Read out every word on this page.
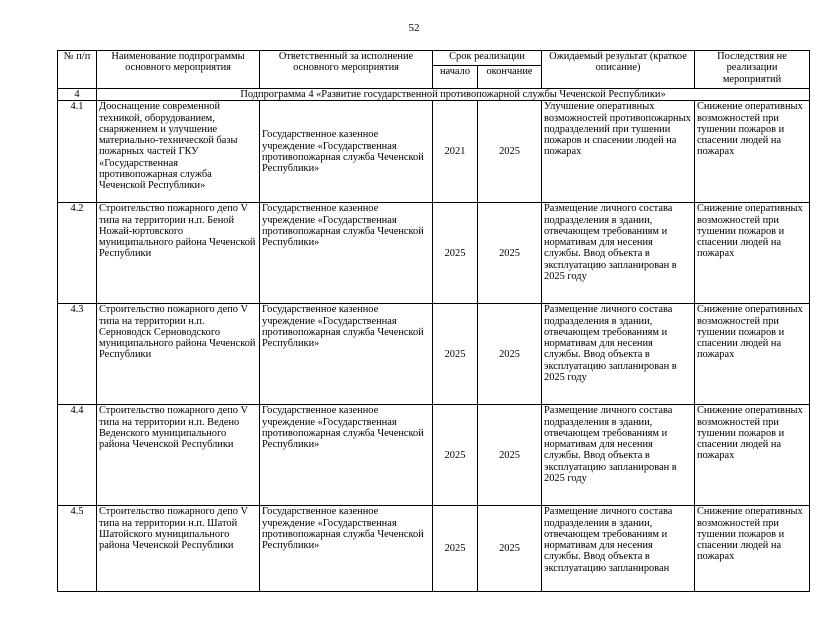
52
№ п/п	Наименование подпрограммы основного мероприятия	Ответственный за исполнение основного мероприятия	Срок реализации		Ожидаемый результат (краткое описание)	Последствия не реализации мероприятий
			начало	окончание		
4	Подпрограмма 4 «Развитие государственной противопожарной службы Чеченской Республики»					

4.1	Дооснащение современной техникой, оборудованием, снаряжением и улучшение материально-технической базы пожарных частей ГКУ «Государственная противопожарная служба Чеченской Республики»	Государственное казенное учреждение «Государственная противопожарная служба Чеченской Республики»	2021	2025	Улучшение оперативных возможностей противопожарных подразделений при тушении пожаров и спасении людей на пожарах	Снижение оперативных возможностей при тушении пожаров и спасении людей на пожарах

4.2	Строительство пожарного депо V типа на территории н.п. Беной Ножай-юртовского муниципального района Чеченской Республики	Государственное казенное учреждение «Государственная противопожарная служба Чеченской Республики»	2025	2025	Размещение личного состава подразделения в здании, отвечающем требованиям и нормативам для несения службы. Ввод объекта в эксплуатацию запланирован в 2025 году	Снижение оперативных возможностей при тушении пожаров и спасении людей на пожарах

4.3	Строительство пожарного депо V типа на территории н.п. Серноводск Серноводского муниципального района Чеченской Республики	Государственное казенное учреждение «Государственная противопожарная служба Чеченской Республики»	2025	2025	Размещение личного состава подразделения в здании, отвечающем требованиям и нормативам для несения службы. Ввод объекта в эксплуатацию запланирован в 2025 году	Снижение оперативных возможностей при тушении пожаров и спасении людей на пожарах

4.4	Строительство пожарного депо V типа на территории н.п. Ведено Веденского муниципального района Чеченской Республики	Государственное казенное учреждение «Государственная противопожарная служба Чеченской Республики»	2025	2025	Размещение личного состава подразделения в здании, отвечающем требованиям и нормативам для несения службы. Ввод объекта в эксплуатацию запланирован в 2025 году	Снижение оперативных возможностей при тушении пожаров и спасении людей на пожарах

4.5	Строительство пожарного депо V типа на территории н.п. Шатой Шатойского муниципального района Чеченской Республики	Государственное казенное учреждение «Государственная противопожарная служба Чеченской Республики»	2025	2025	Размещение личного состава подразделения в здании, отвечающем требованиям и нормативам для несения службы. Ввод объекта в эксплуатацию запланирован	Снижение оперативных возможностей при тушении пожаров и спасении людей на пожарах
